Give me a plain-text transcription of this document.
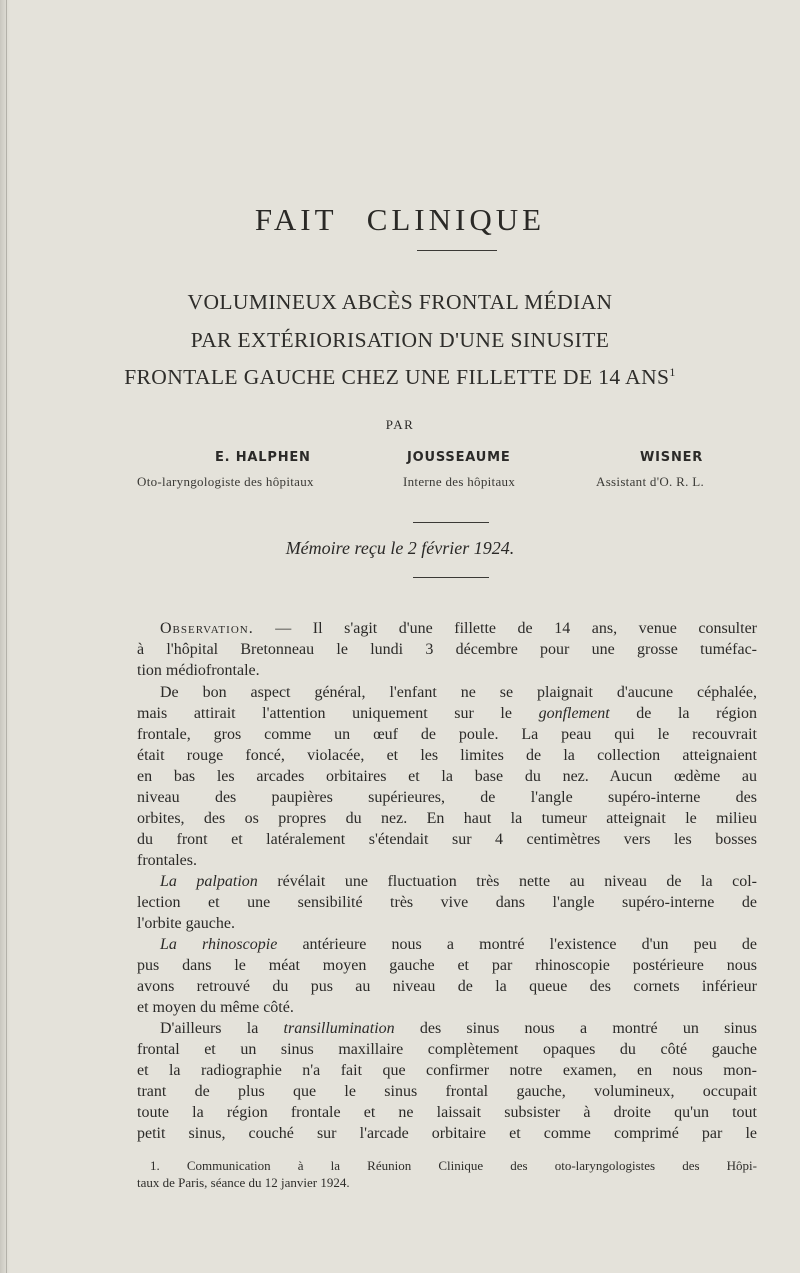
FAIT CLINIQUE
VOLUMINEUX ABCÈS FRONTAL MÉDIAN
PAR EXTÉRIORISATION D'UNE SINUSITE
FRONTALE GAUCHE CHEZ UNE FILLETTE DE 14 ANS$^1$
PAR
E. HALPHEN	JOUSSEAUME	WISNER
Oto-laryngologiste des hôpitaux	Interne des hôpitaux	Assistant d'O. R. L.
Mémoire reçu le 2 février 1924.
Observation. — Il s'agit d'une fillette de 14 ans, venue consulter
à l'hôpital Bretonneau le lundi 3 décembre pour une grosse tuméfac-
tion médiofrontale.
De bon aspect général, l'enfant ne se plaignait d'aucune céphalée,
mais attirait l'attention uniquement sur le gonflement de la région
frontale, gros comme un œuf de poule. La peau qui le recouvrait
était rouge foncé, violacée, et les limites de la collection atteignaient
en bas les arcades orbitaires et la base du nez. Aucun œdème au
niveau des paupières supérieures, de l'angle supéro-interne des
orbites, des os propres du nez. En haut la tumeur atteignait le milieu
du front et latéralement s'étendait sur 4 centimètres vers les bosses
frontales.
La palpation révélait une fluctuation très nette au niveau de la col-
lection et une sensibilité très vive dans l'angle supéro-interne de
l'orbite gauche.
La rhinoscopie antérieure nous a montré l'existence d'un peu de
pus dans le méat moyen gauche et par rhinoscopie postérieure nous
avons retrouvé du pus au niveau de la queue des cornets inférieur
et moyen du même côté.
D'ailleurs la transillumination des sinus nous a montré un sinus
frontal et un sinus maxillaire complètement opaques du côté gauche
et la radiographie n'a fait que confirmer notre examen, en nous mon-
trant de plus que le sinus frontal gauche, volumineux, occupait
toute la région frontale et ne laissait subsister à droite qu'un tout
petit sinus, couché sur l'arcade orbitaire et comme comprimé par le
1. Communication à la Réunion Clinique des oto-laryngologistes des Hôpi-
taux de Paris, séance du 12 janvier 1924.
